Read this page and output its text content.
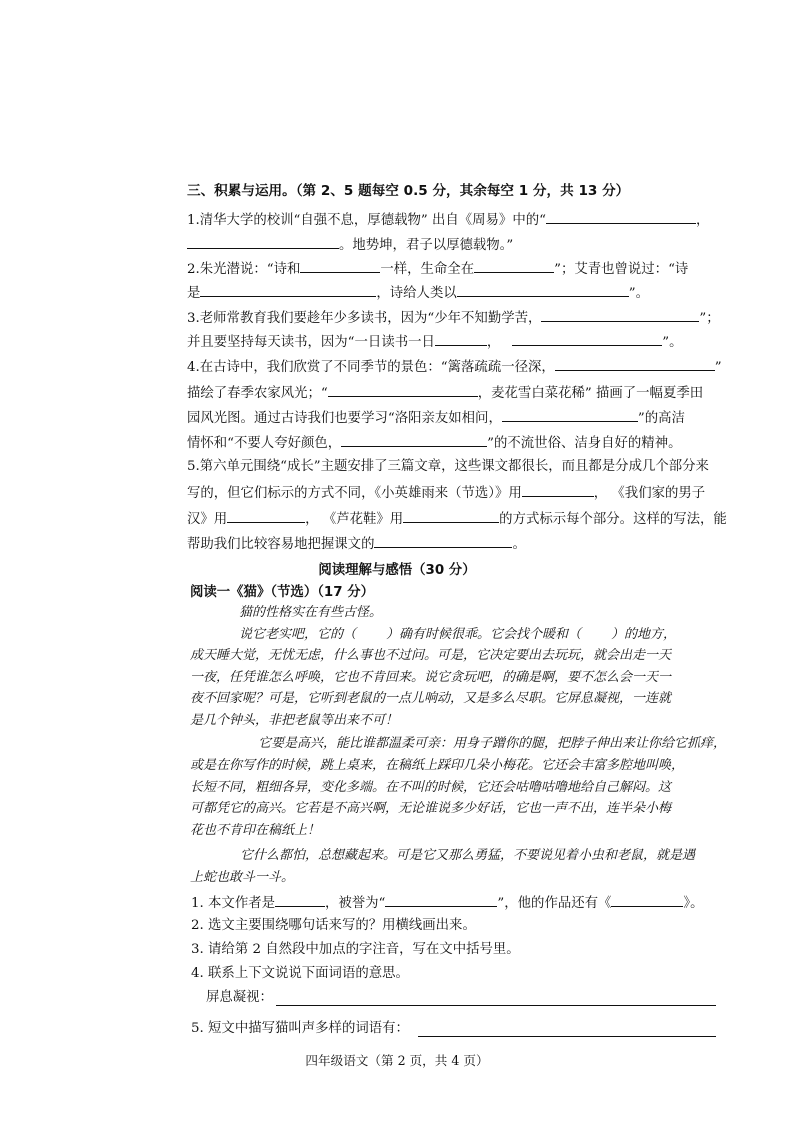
三、积累与运用。（第 2、5 题每空 0.5 分，其余每空 1 分，共 13 分）
1.清华大学的校训“自强不息，厚德载物” 出自《周易》中的“	，
。地势坤，君子以厚德载物。”
2.朱光潜说：“诗和	一样，生命全在	”；艾青也曾说过：“诗
是	，诗给人类以	”。
3.老师常教育我们要趁年少多读书，因为“少年不知勤学苦，	”；
并且要坚持每天读书，因为“一日读书一日	，	”。
4.在古诗中，我们欣赏了不同季节的景色：“篱落疏疏一径深，	”
描绘了春季农家风光；“	，麦花雪白菜花稀” 描画了一幅夏季田
园风光图。通过古诗我们也要学习“洛阳亲友如相问，	”的高洁
情怀和“不要人夸好颜色，	”的不流世俗、洁身自好的精神。
5.第六单元围绕“成长”主题安排了三篇文章，这些课文都很长，而且都是分成几个部分来
写的，但它们标示的方式不同，《小英雄雨来（节选）》用	， 《我们家的男子
汉》用	， 《芦花鞋》用	的方式标示每个部分。这样的写法，能
帮助我们比较容易地把握课文的	。
阅读理解与感悟（30 分）
阅读一《猫》（节选）（17 分）
猫的性格实在有些古怪。
说它老实吧，它的（ ）确有时候很乖。它会找个暖和（ ）的地方，
成天睡大觉，无忧无虑，什么事也不过问。可是，它决定要出去玩玩，就会出走一天
一夜，任凭谁怎么呼唤，它也不肯回来。说它贪玩吧，的确是啊，要不怎么会一天一
夜不回家呢？可是，它听到老鼠的一点儿响动，又是多么尽职。它屏息凝视，一连就
是几个钟头，非把老鼠等出来不可！
它要是高兴，能比谁都温柔可亲：用身子蹭你的腿，把脖子伸出来让你给它抓痒，
或是在你写作的时候，跳上桌来，在稿纸上踩印几朵小梅花。它还会丰富多腔地叫唤，
长短不同，粗细各异，变化多端。在不叫的时候，它还会咕噜咕噜地给自己解闷。这
可都凭它的高兴。它若是不高兴啊，无论谁说多少好话，它也一声不出，连半朵小梅
花也不肯印在稿纸上！
它什么都怕，总想藏起来。可是它又那么勇猛，不要说见着小虫和老鼠，就是遇
上蛇也敢斗一斗。
1. 本文作者是	，被誉为“	”，他的作品还有《	》。
2. 选文主要围绕哪句话来写的？用横线画出来。
3. 请给第 2 自然段中加点的字注音，写在文中括号里。
4. 联系上下文说说下面词语的意思。
屏息凝视：
5. 短文中描写猫叫声多样的词语有：
四年级语文（第 2 页，共 4 页）
